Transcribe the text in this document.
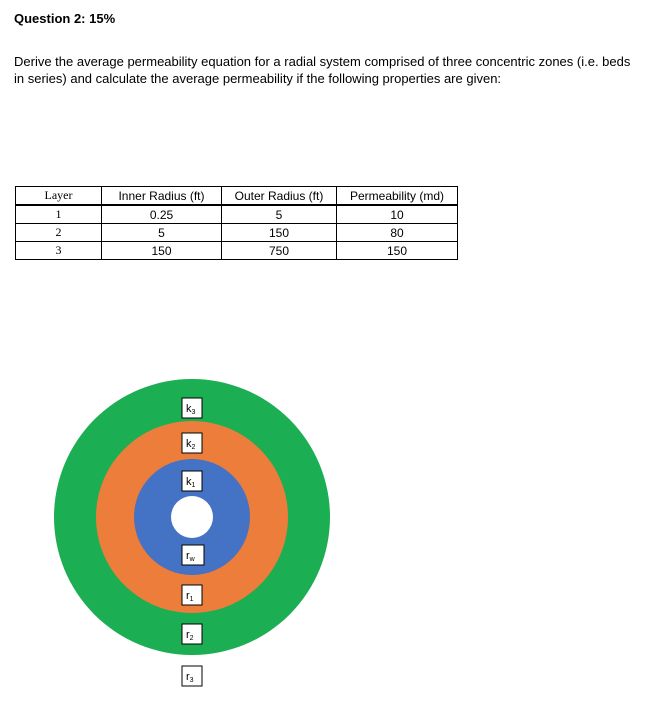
Question 2: 15%
Derive the average permeability equation for a radial system comprised of three concentric zones (i.e. beds in series) and calculate the average permeability if the following properties are given:
Layer	Inner Radius (ft)	Outer Radius (ft)	Permeability (md)
1	0.25	5	10
2	5	150	80
3	150	750	150
k3
k2
k1
rw
r1
r2
r3
